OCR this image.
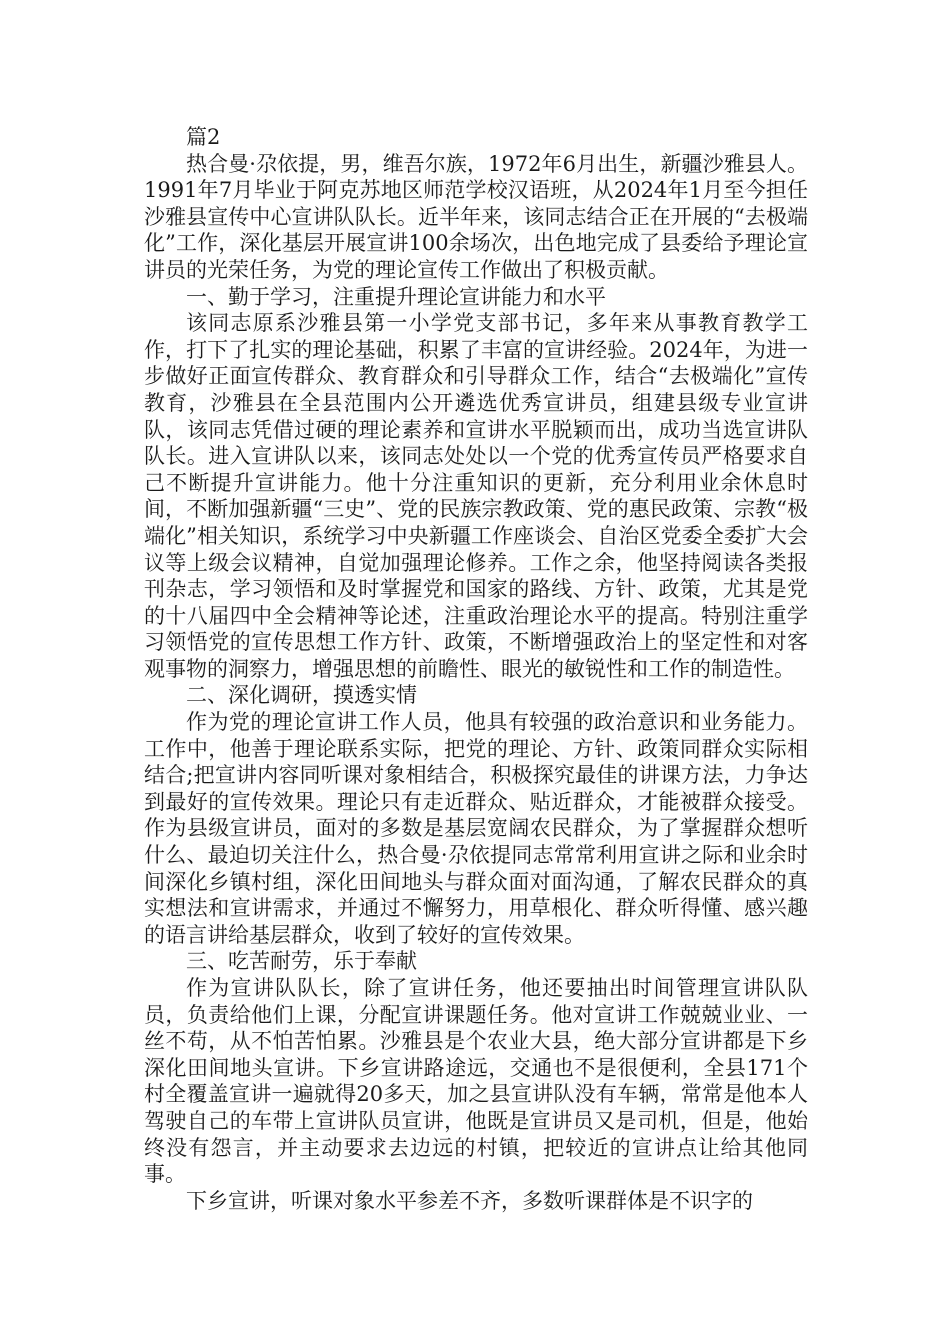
篇2

热合曼·尕依提，男，维吾尔族，1972年6月出生，新疆沙雅县人。1991年7月毕业于阿克苏地区师范学校汉语班，从2024年1月至今担任沙雅县宣传中心宣讲队队长。近半年来，该同志结合正在开展的“去极端化”工作，深化基层开展宣讲100余场次，出色地完成了县委给予理论宣讲员的光荣任务，为党的理论宣传工作做出了积极贡献。

一、勤于学习，注重提升理论宣讲能力和水平

该同志原系沙雅县第一小学党支部书记，多年来从事教育教学工作，打下了扎实的理论基础，积累了丰富的宣讲经验。2024年，为进一步做好正面宣传群众、教育群众和引导群众工作，结合“去极端化”宣传教育，沙雅县在全县范围内公开遴选优秀宣讲员，组建县级专业宣讲队，该同志凭借过硬的理论素养和宣讲水平脱颖而出，成功当选宣讲队队长。进入宣讲队以来，该同志处处以一个党的优秀宣传员严格要求自己不断提升宣讲能力。他十分注重知识的更新，充分利用业余休息时间，不断加强新疆“三史”、党的民族宗教政策、党的惠民政策、宗教“极端化”相关知识，系统学习中央新疆工作座谈会、自治区党委全委扩大会议等上级会议精神，自觉加强理论修养。工作之余，他坚持阅读各类报刊杂志，学习领悟和及时掌握党和国家的路线、方针、政策，尤其是党的十八届四中全会精神等论述，注重政治理论水平的提高。特别注重学习领悟党的宣传思想工作方针、政策，不断增强政治上的坚定性和对客观事物的洞察力，增强思想的前瞻性、眼光的敏锐性和工作的制造性。

二、深化调研，摸透实情

作为党的理论宣讲工作人员，他具有较强的政治意识和业务能力。工作中，他善于理论联系实际，把党的理论、方针、政策同群众实际相结合;把宣讲内容同听课对象相结合，积极探究最佳的讲课方法，力争达到最好的宣传效果。理论只有走近群众、贴近群众，才能被群众接受。作为县级宣讲员，面对的多数是基层宽阔农民群众，为了掌握群众想听什么、最迫切关注什么，热合曼·尕依提同志常常利用宣讲之际和业余时间深化乡镇村组，深化田间地头与群众面对面沟通，了解农民群众的真实想法和宣讲需求，并通过不懈努力，用草根化、群众听得懂、感兴趣的语言讲给基层群众，收到了较好的宣传效果。

三、吃苦耐劳，乐于奉献

作为宣讲队队长，除了宣讲任务，他还要抽出时间管理宣讲队队员，负责给他们上课，分配宣讲课题任务。他对宣讲工作兢兢业业、一丝不苟，从不怕苦怕累。沙雅县是个农业大县，绝大部分宣讲都是下乡深化田间地头宣讲。下乡宣讲路途远，交通也不是很便利，全县171个村全覆盖宣讲一遍就得20多天，加之县宣讲队没有车辆，常常是他本人驾驶自己的车带上宣讲队员宣讲，他既是宣讲员又是司机，但是，他始终没有怨言，并主动要求去边远的村镇，把较近的宣讲点让给其他同事。

下乡宣讲，听课对象水平参差不齐，多数听课群体是不识字的
